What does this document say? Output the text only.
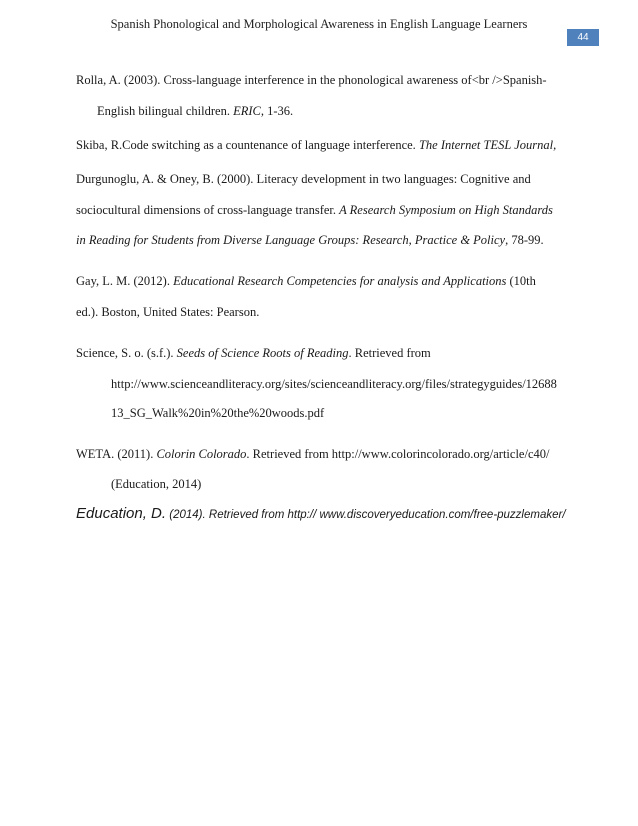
Spanish Phonological and Morphological Awareness in English Language Learners
44
Rolla, A. (2003). Cross-language interference in the phonological awareness of<br />Spanish-
English bilingual children. ERIC, 1-36.
Skiba, R.Code switching as a countenance of language interference. The Internet TESL Journal,
Durgunoglu, A. & Oney, B. (2000). Literacy development in two languages: Cognitive and
sociocultural dimensions of cross-language transfer. A Research Symposium on High Standards
in Reading for Students from Diverse Language Groups: Research, Practice & Policy, 78-99.
Gay, L. M. (2012). Educational Research Competencies for analysis and Applications (10th
ed.). Boston, United States: Pearson.
Science, S. o. (s.f.). Seeds of Science Roots of Reading. Retrieved from
http://www.scienceandliteracy.org/sites/scienceandliteracy.org/files/strategyguides/12688
13_SG_Walk%20in%20the%20woods.pdf
WETA. (2011). Colorin Colorado. Retrieved from http://www.colorincolorado.org/article/c40/
(Education, 2014)
Education, D. (2014). Retrieved from http:// www.discoveryeducation.com/free-puzzlemaker/
